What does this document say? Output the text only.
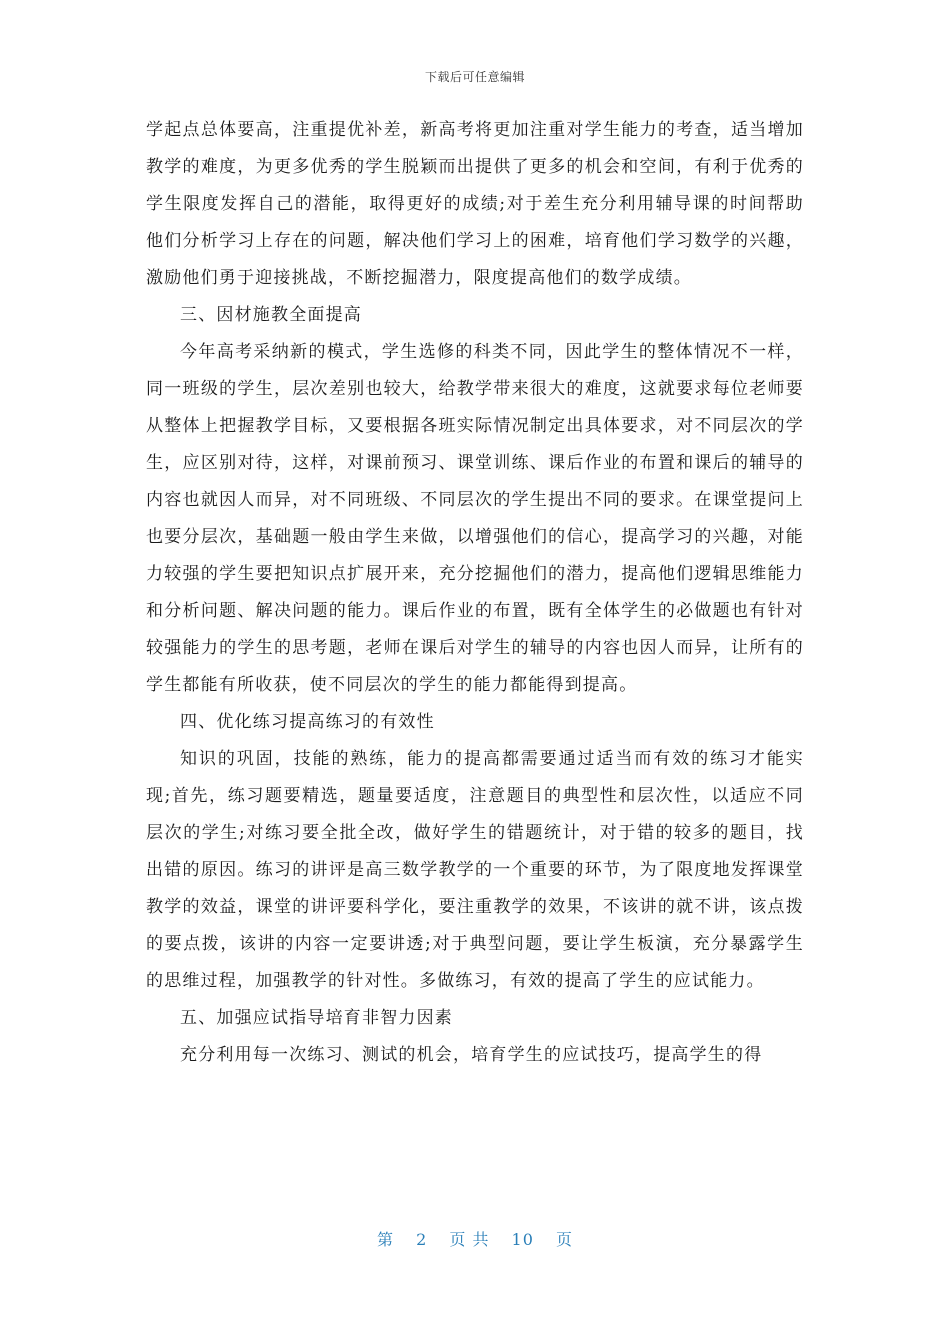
下载后可任意编辑

学起点总体要高，注重提优补差，新高考将更加注重对学生能力的考查，适当增加教学的难度，为更多优秀的学生脱颖而出提供了更多的机会和空间，有利于优秀的学生限度发挥自己的潜能，取得更好的成绩;对于差生充分利用辅导课的时间帮助他们分析学习上存在的问题，解决他们学习上的困难，培育他们学习数学的兴趣，激励他们勇于迎接挑战，不断挖掘潜力，限度提高他们的数学成绩。

三、因材施教全面提高

今年高考采纳新的模式，学生选修的科类不同，因此学生的整体情况不一样，同一班级的学生，层次差别也较大，给教学带来很大的难度，这就要求每位老师要从整体上把握教学目标，又要根据各班实际情况制定出具体要求，对不同层次的学生，应区别对待，这样，对课前预习、课堂训练、课后作业的布置和课后的辅导的内容也就因人而异，对不同班级、不同层次的学生提出不同的要求。在课堂提问上也要分层次，基础题一般由学生来做，以增强他们的信心，提高学习的兴趣，对能力较强的学生要把知识点扩展开来，充分挖掘他们的潜力，提高他们逻辑思维能力和分析问题、解决问题的能力。课后作业的布置，既有全体学生的必做题也有针对较强能力的学生的思考题，老师在课后对学生的辅导的内容也因人而异，让所有的学生都能有所收获，使不同层次的学生的能力都能得到提高。

四、优化练习提高练习的有效性

知识的巩固，技能的熟练，能力的提高都需要通过适当而有效的练习才能实现;首先，练习题要精选，题量要适度，注意题目的典型性和层次性，以适应不同层次的学生;对练习要全批全改，做好学生的错题统计，对于错的较多的题目，找出错的原因。练习的讲评是高三数学教学的一个重要的环节，为了限度地发挥课堂教学的效益，课堂的讲评要科学化，要注重教学的效果，不该讲的就不讲，该点拨的要点拨，该讲的内容一定要讲透;对于典型问题，要让学生板演，充分暴露学生的思维过程，加强教学的针对性。多做练习，有效的提高了学生的应试能力。

五、加强应试指导培育非智力因素

充分利用每一次练习、测试的机会，培育学生的应试技巧，提高学生的得

第 2 页 共 10 页
